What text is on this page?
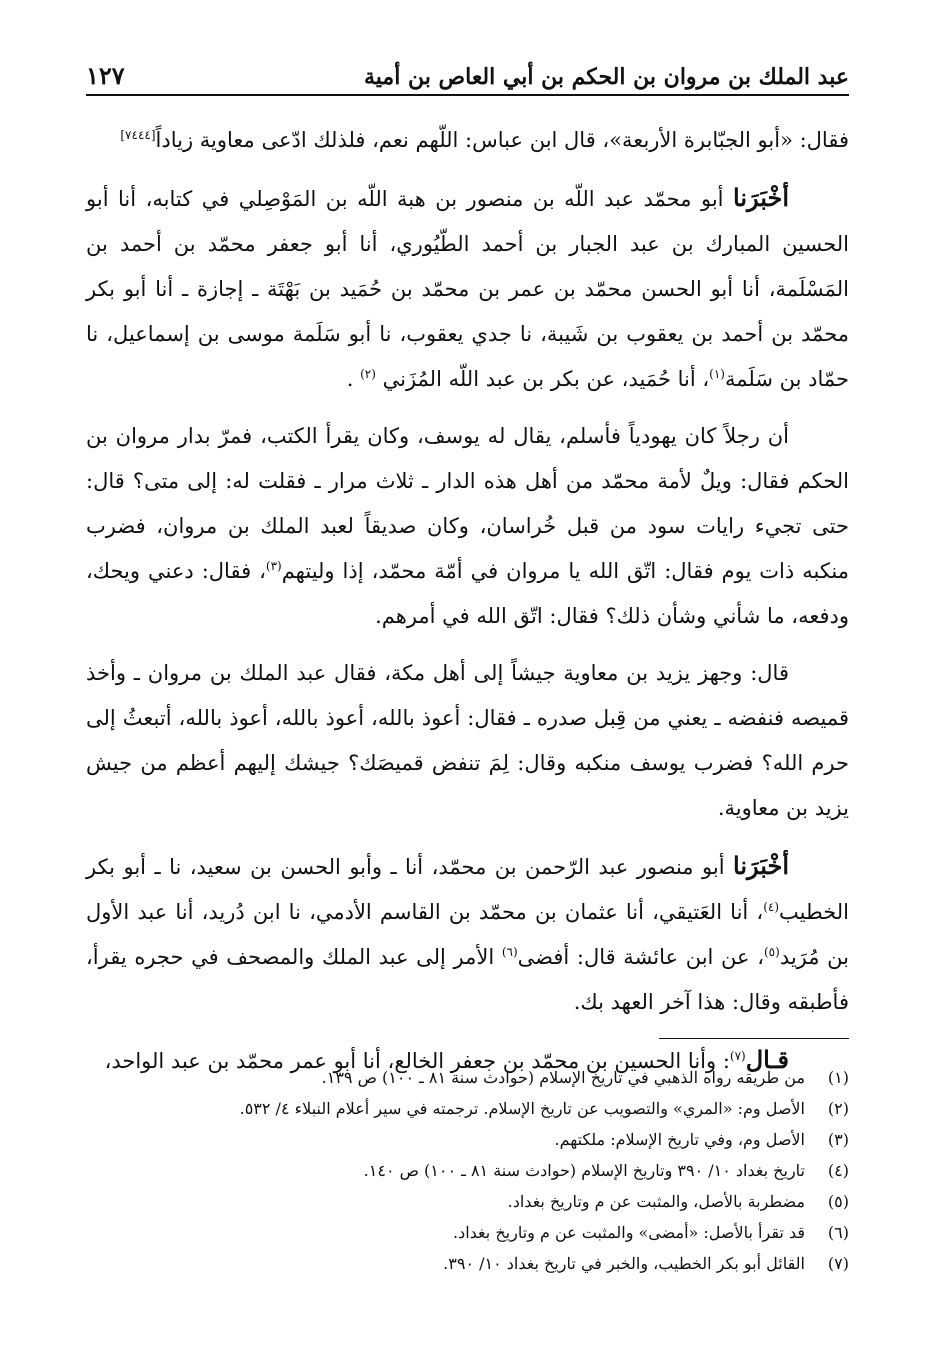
عبد الملك بن مروان بن الحكم بن أبي العاص بن أمية
١٢٧

فقال: «أبو الجبّابرة الأربعة»، قال ابن عباس: اللّهم نعم، فلذلك ادّعى معاوية زياداً[٧٤٤٤]

أخْبَرَنا أبو محمّد عبد اللّه بن منصور بن هبة اللّه بن المَوْصِلي في كتابه، أنا أبو الحسين المبارك بن عبد الجبار بن أحمد الطّيُوري، أنا أبو جعفر محمّد بن أحمد بن المَسْلَمة، أنا أبو الحسن محمّد بن عمر بن محمّد بن حُمَيد بن بَهْتَة ـ إجازة ـ أنا أبو بكر محمّد بن أحمد بن يعقوب بن شَيبة، نا جدي يعقوب، نا أبو سَلَمة موسى بن إسماعيل، نا حمّاد بن سَلَمة$^{(١)}$، أنا حُمَيد، عن بكر بن عبد اللّه المُزَني $^{(٢)}$ .

أن رجلاً كان يهودياً فأسلم، يقال له يوسف، وكان يقرأ الكتب، فمرّ بدار مروان بن الحكم فقال: ويلٌ لأمة محمّد من أهل هذه الدار ـ ثلاث مرار ـ فقلت له: إلى متى؟ قال: حتى تجيء رايات سود من قبل خُراسان، وكان صديقاً لعبد الملك بن مروان، فضرب منكبه ذات يوم فقال: اتّق الله يا مروان في أمّة محمّد، إذا وليتهم$^{(٣)}$، فقال: دعني ويحك، ودفعه، ما شأني وشأن ذلك؟ فقال: اتّق الله في أمرهم.

قال: وجهز يزيد بن معاوية جيشاً إلى أهل مكة، فقال عبد الملك بن مروان ـ وأخذ قميصه فنفضه ـ يعني من قِبل صدره ـ فقال: أعوذ بالله، أعوذ بالله، أعوذ بالله، أتبعثُ إلى حرم الله؟ فضرب يوسف منكبه وقال: لِمَ تنفض قميصَك؟ جيشك إليهم أعظم من جيش يزيد بن معاوية.

أخْبَرَنا أبو منصور عبد الرّحمن بن محمّد، أنا ـ وأبو الحسن بن سعيد، نا ـ أبو بكر الخطيب$^{(٤)}$، أنا العَتيقي، أنا عثمان بن محمّد بن القاسم الأدمي، نا ابن دُريد، أنا عبد الأول بن مُرَيد$^{(٥)}$، عن ابن عائشة قال: أفضى$^{(٦)}$ الأمر إلى عبد الملك والمصحف في حجره يقرأ، فأطبقه وقال: هذا آخر العهد بك.

قـال$^{(٧)}$: وأنا الحسين بن محمّد بن جعفر الخالع، أنا أبو عمر محمّد بن عبد الواحد،

(١)
من طريقه رواه الذهبي في تاريخ الإسلام (حوادث سنة ٨١ ـ ١٠٠) ص ١٣٩.
(٢)
الأصل وم: «المري» والتصويب عن تاريخ الإسلام. ترجمته في سير أعلام النبلاء ٤/ ٥٣٢.
(٣)
الأصل وم، وفي تاريخ الإسلام: ملكتهم.
(٤)
تاريخ بغداد ١٠/ ٣٩٠ وتاريخ الإسلام (حوادث سنة ٨١ ـ ١٠٠) ص ١٤٠.
(٥)
مضطربة بالأصل، والمثبت عن م وتاريخ بغداد.
(٦)
قد تقرأ بالأصل: «أمضى» والمثبت عن م وتاريخ بغداد.
(٧)
القائل أبو بكر الخطيب، والخبر في تاريخ بغداد ١٠/ ٣٩٠.
